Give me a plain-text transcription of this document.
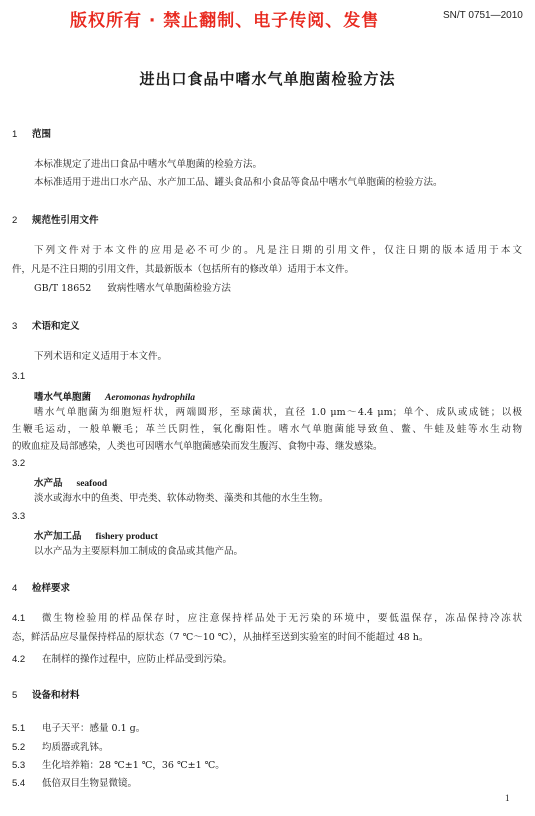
版权所有 · 禁止翻制、电子传阅、发售	SN/T 0751—2010
进出口食品中嗜水气单胞菌检验方法
1 范围
本标准规定了进出口食品中嗜水气单胞菌的检验方法。
本标准适用于进出口水产品、水产加工品、罐头食品和小食品等食品中嗜水气单胞菌的检验方法。
2 规范性引用文件
下列文件对于本文件的应用是必不可少的。凡是注日期的引用文件，仅注日期的版本适用于本文
件，凡是不注日期的引用文件，其最新版本（包括所有的修改单）适用于本文件。
GB/T 18652 致病性嗜水气单胞菌检验方法
3 术语和定义
下列术语和定义适用于本文件。
3.1
嗜水气单胞菌 Aeromonas hydrophila
嗜水气单胞菌为细胞短杆状，两端圆形，至球菌状，直径 1.0 μm～4.4 μm；单个、成队或成链；以极
生鞭毛运动，一般单鞭毛；革兰氏阴性，氧化酶阳性。嗜水气单胞菌能导致鱼、鳖、牛蛙及蛙等水生动物
的败血症及局部感染，人类也可因嗜水气单胞菌感染而发生腹泻、食物中毒、继发感染。
3.2
水产品 seafood
淡水或海水中的鱼类、甲壳类、软体动物类、藻类和其他的水生生物。
3.3
水产加工品 fishery product
以水产品为主要原料加工制成的食品或其他产品。
4 检样要求
4.1	微生物检验用的样品保存时，应注意保持样品处于无污染的环境中，要低温保存，冻品保持冷冻状
态，鲜活品应尽量保持样品的原状态（7 ℃～10 ℃），从抽样至送到实验室的时间不能超过 48 h。
4.2 在制样的操作过程中，应防止样品受到污染。
5 设备和材料
5.1 电子天平：感量 0.1 g。
5.2 均质器或乳钵。
5.3 生化培养箱：28 ℃±1 ℃，36 ℃±1 ℃。
5.4 低倍双目生物显微镜。
1
